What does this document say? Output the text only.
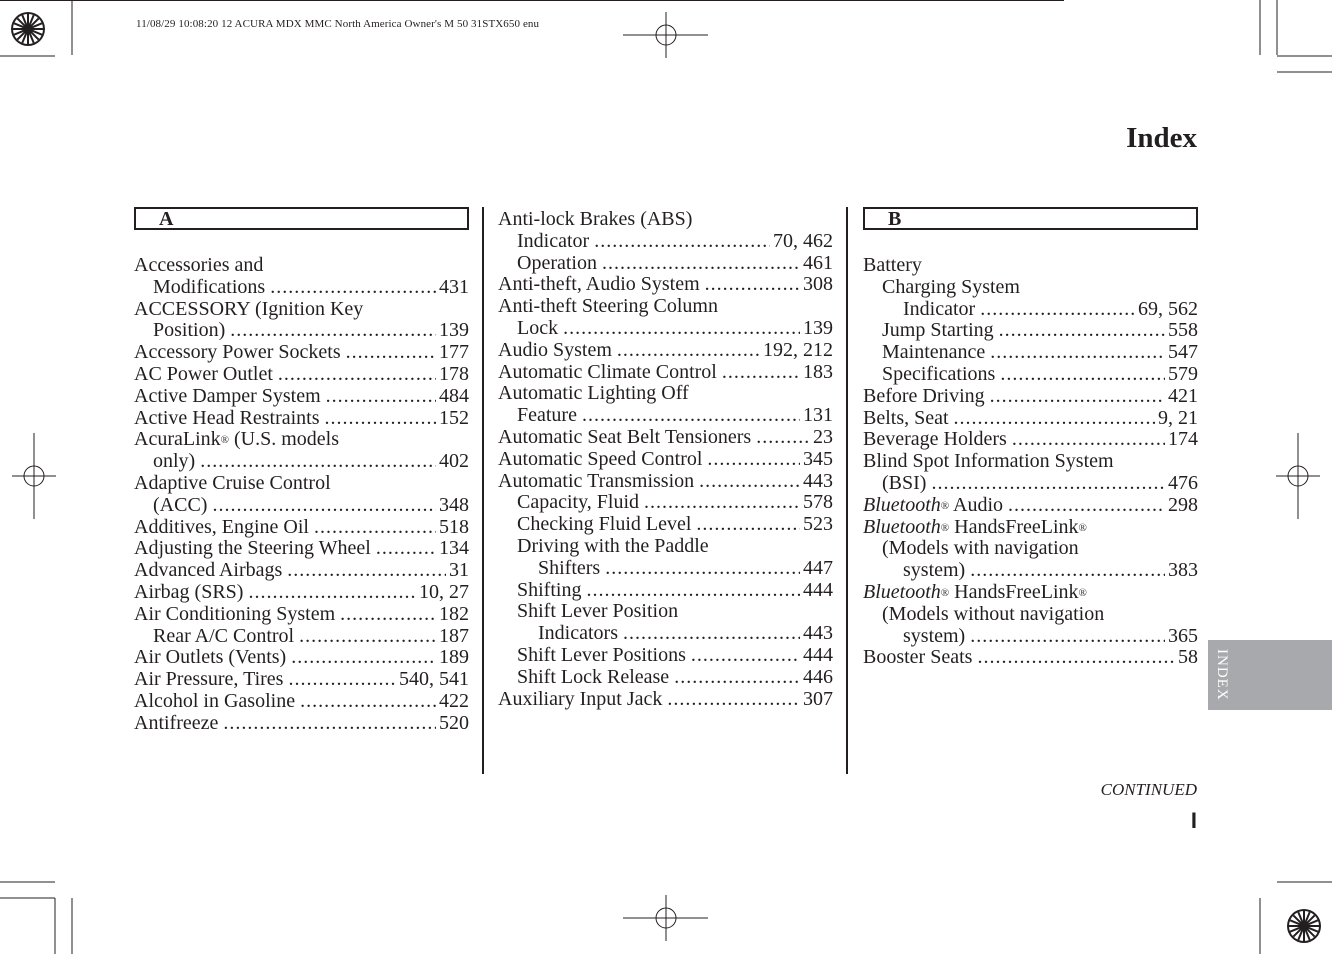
11/08/29 10:08:20 12 ACURA MDX MMC North America Owner's M 50 31STX650 enu
Index
A
Accessories and
Modifications .....	431
ACCESSORY (Ignition Key
Position) .....	139
Accessory Power Sockets .....	177
AC Power Outlet .....	178
Active Damper System .....	484
Active Head Restraints .....	152
AcuraLink® (U.S. models
only) .....	402
Adaptive Cruise Control
(ACC) .....	348
Additives, Engine Oil .....	518
Adjusting the Steering Wheel .....	134
Advanced Airbags .....	31
Airbag (SRS) .....	10, 27
Air Conditioning System .....	182
Rear A/C Control .....	187
Air Outlets (Vents) .....	189
Air Pressure, Tires .....	540, 541
Alcohol in Gasoline .....	422
Antifreeze .....	520
Anti-lock Brakes (ABS)
Indicator .....	70, 462
Operation .....	461
Anti-theft, Audio System .....	308
Anti-theft Steering Column
Lock .....	139
Audio System .....	192, 212
Automatic Climate Control .....	183
Automatic Lighting Off
Feature .....	131
Automatic Seat Belt Tensioners .....	23
Automatic Speed Control .....	345
Automatic Transmission .....	443
Capacity, Fluid .....	578
Checking Fluid Level .....	523
Driving with the Paddle
Shifters .....	447
Shifting .....	444
Shift Lever Position
Indicators .....	443
Shift Lever Positions .....	444
Shift Lock Release .....	446
Auxiliary Input Jack .....	307
B
Battery
Charging System
Indicator .....	69, 562
Jump Starting .....	558
Maintenance .....	547
Specifications .....	579
Before Driving .....	421
Belts, Seat .....	9, 21
Beverage Holders .....	174
Blind Spot Information System
(BSI) .....	476
Bluetooth® Audio .....	298
Bluetooth® HandsFreeLink®
(Models with navigation
system) .....	383
Bluetooth® HandsFreeLink®
(Models without navigation
system) .....	365
Booster Seats .....	58 INDEX
CONTINUED
I
